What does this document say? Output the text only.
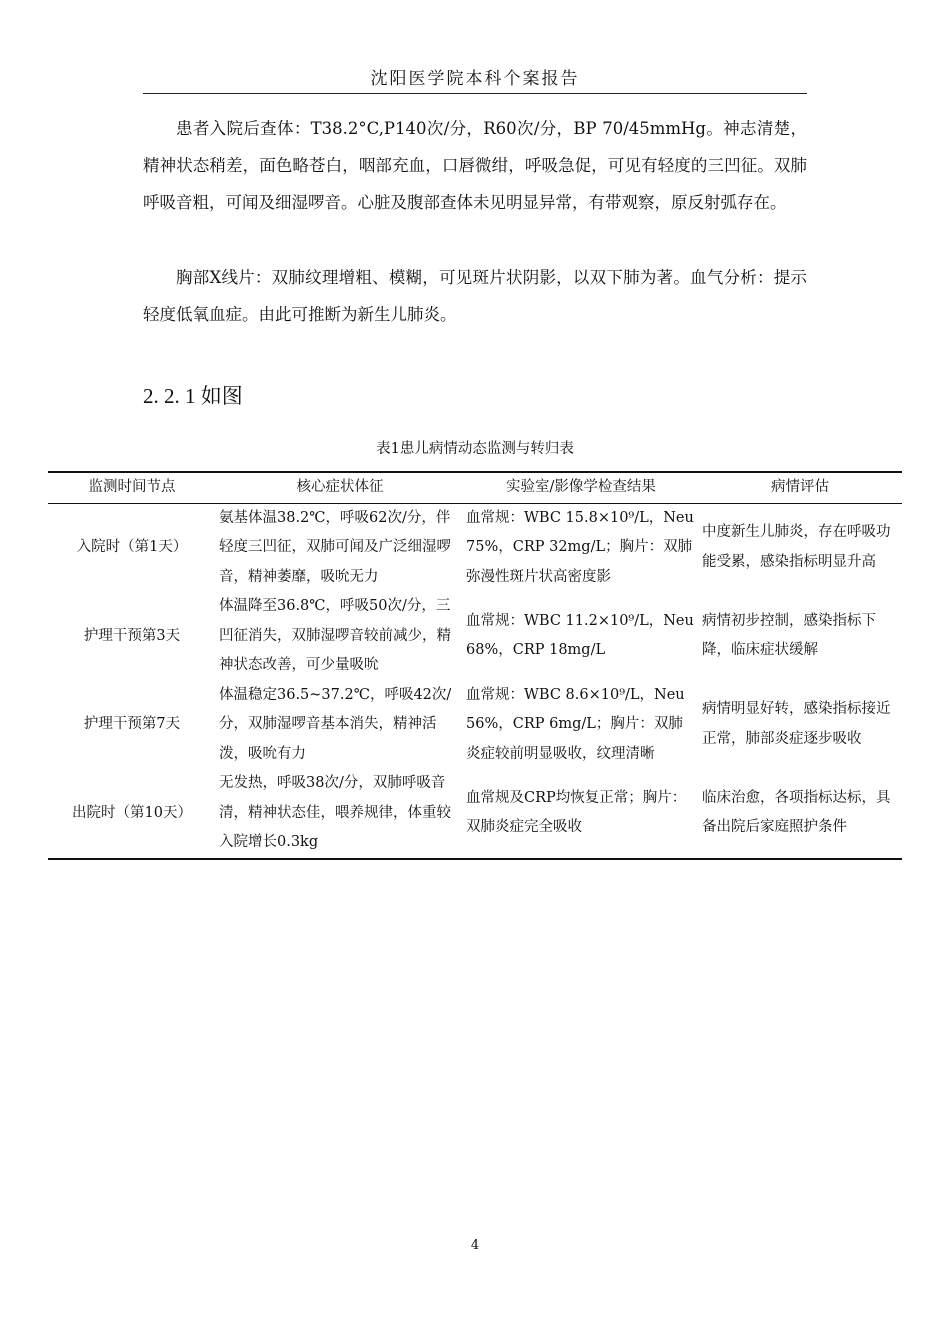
沈阳医学院本科个案报告

患者入院后查体：T38.2°C,P140次/分，R60次/分，BP 70/45mmHg。神志清楚，精神状态稍差，面色略苍白，咽部充血，口唇微绀，呼吸急促，可见有轻度的三凹征。双肺呼吸音粗，可闻及细湿啰音。心脏及腹部查体未见明显异常，有带观察，原反射弧存在。

胸部Ⅹ线片：双肺纹理增粗、模糊，可见斑片状阴影，以双下肺为著。血气分析：提示轻度低氧血症。由此可推断为新生儿肺炎。

2. 2. 1 如图
表1患儿病情动态监测与转归表
监测时间节点	核心症状体征	实验室/影像学检查结果	病情评估
入院时（第1天）	氨基体温38.2℃，呼吸62次/分，伴轻度三凹征，双肺可闻及广泛细湿啰音，精神萎靡，吸吮无力	血常规：WBC 15.8×10⁹/L，Neu 75%，CRP 32mg/L；胸片：双肺弥漫性斑片状高密度影	中度新生儿肺炎，存在呼吸功能受累，感染指标明显升高
护理干预第3天	体温降至36.8℃，呼吸50次/分，三凹征消失，双肺湿啰音较前减少，精神状态改善，可少量吸吮	血常规：WBC 11.2×10⁹/L，Neu 68%，CRP 18mg/L	病情初步控制，感染指标下降，临床症状缓解
护理干预第7天	体温稳定36.5~37.2℃，呼吸42次/分，双肺湿啰音基本消失，精神活泼，吸吮有力	血常规：WBC 8.6×10⁹/L，Neu 56%，CRP 6mg/L；胸片：双肺炎症较前明显吸收，纹理清晰	病情明显好转，感染指标接近正常，肺部炎症逐步吸收
出院时（第10天）	无发热，呼吸38次/分，双肺呼吸音清，精神状态佳，喂养规律，体重较入院增长0.3kg	血常规及CRP均恢复正常；胸片：双肺炎症完全吸收	临床治愈，各项指标达标，具备出院后家庭照护条件
4
